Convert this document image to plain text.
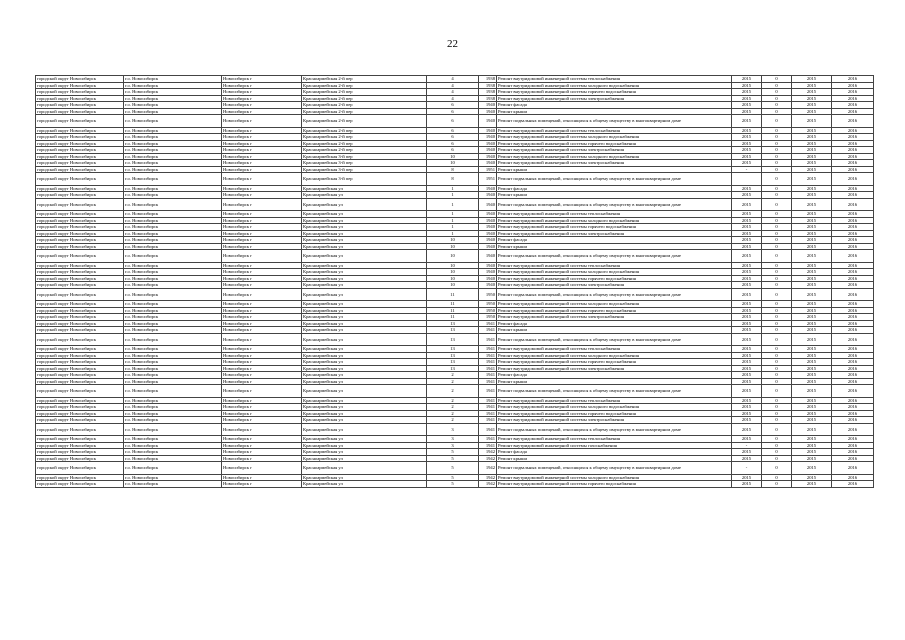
22
городской округ Новосибирск	г.о. Новосибирск	Новосибирск г	Красноармейская 2-й пер	4	1938	Ремонт внутридомовой инженерной системы теплоснабжения	2015	0	2015	2016
городской округ Новосибирск	г.о. Новосибирск	Новосибирск г	Красноармейская 2-й пер	4	1938	Ремонт внутридомовой инженерной системы холодного водоснабжения	2015	0	2015	2016
городской округ Новосибирск	г.о. Новосибирск	Новосибирск г	Красноармейская 2-й пер	4	1938	Ремонт внутридомовой инженерной системы горячего водоснабжения	2015	0	2015	2016
городской округ Новосибирск	г.о. Новосибирск	Новосибирск г	Красноармейская 2-й пер	4	1938	Ремонт внутридомовой инженерной системы электроснабжения	2015	0	2015	2016
городской округ Новосибирск	г.о. Новосибирск	Новосибирск г	Красноармейская 2-й пер	6	1940	Ремонт фасада	2015	0	2015	2016
городской округ Новосибирск	г.о. Новосибирск	Новосибирск г	Красноармейская 2-й пер	6	1940	Ремонт крыши	2015	0	2015	2016
городской округ Новосибирск	г.о. Новосибирск	Новосибирск г	Красноармейская 2-й пер	6	1940	Ремонт подвальных помещений, относящихся к общему имуществу в многоквартирном доме	2015	0	2015	2016
городской округ Новосибирск	г.о. Новосибирск	Новосибирск г	Красноармейская 2-й пер	6	1940	Ремонт внутридомовой инженерной системы теплоснабжения	2015	0	2015	2016
городской округ Новосибирск	г.о. Новосибирск	Новосибирск г	Красноармейская 2-й пер	6	1940	Ремонт внутридомовой инженерной системы холодного водоснабжения	2015	0	2015	2016
городской округ Новосибирск	г.о. Новосибирск	Новосибирск г	Красноармейская 2-й пер	6	1940	Ремонт внутридомовой инженерной системы горячего водоснабжения	2015	0	2015	2016
городской округ Новосибирск	г.о. Новосибирск	Новосибирск г	Красноармейская 2-й пер	6	1940	Ремонт внутридомовой инженерной системы электроснабжения	2015	0	2015	2016
городской округ Новосибирск	г.о. Новосибирск	Новосибирск г	Красноармейская 3-й пер	10	1940	Ремонт внутридомовой инженерной системы холодного водоснабжения	2015	0	2015	2016
городской округ Новосибирск	г.о. Новосибирск	Новосибирск г	Красноармейская 3-й пер	10	1940	Ремонт внутридомовой инженерной системы электроснабжения	2015	0	2015	2016
городской округ Новосибирск	г.о. Новосибирск	Новосибирск г	Красноармейская 3-й пер	8	1951	Ремонт крыши	-	0	2015	2016
городской округ Новосибирск	г.о. Новосибирск	Новосибирск г	Красноармейская 3-й пер	8	1951	Ремонт подвальных помещений, относящихся к общему имуществу в многоквартирном доме		0	2015	2016
городской округ Новосибирск	г.о. Новосибирск	Новосибирск г	Красноармейская ул	1	1940	Ремонт фасада	2015	0	2015	2016
городской округ Новосибирск	г.о. Новосибирск	Новосибирск г	Красноармейская ул	1	1940	Ремонт крыши	2015	0	2015	2016
городской округ Новосибирск	г.о. Новосибирск	Новосибирск г	Красноармейская ул	1	1940	Ремонт подвальных помещений, относящихся к общему имуществу в многоквартирном доме	2015	0	2015	2016
городской округ Новосибирск	г.о. Новосибирск	Новосибирск г	Красноармейская ул	1	1940	Ремонт внутридомовой инженерной системы теплоснабжения	2015	0	2015	2016
городской округ Новосибирск	г.о. Новосибирск	Новосибирск г	Красноармейская ул	1	1940	Ремонт внутридомовой инженерной системы холодного водоснабжения	2015	0	2015	2016
городской округ Новосибирск	г.о. Новосибирск	Новосибирск г	Красноармейская ул	1	1940	Ремонт внутридомовой инженерной системы горячего водоснабжения	2015	0	2015	2016
городской округ Новосибирск	г.о. Новосибирск	Новосибирск г	Красноармейская ул	1	1940	Ремонт внутридомовой инженерной системы электроснабжения	2015	0	2015	2016
городской округ Новосибирск	г.о. Новосибирск	Новосибирск г	Красноармейская ул	10	1940	Ремонт фасада	2015	0	2015	2016
городской округ Новосибирск	г.о. Новосибирск	Новосибирск г	Красноармейская ул	10	1940	Ремонт крыши	2015	0	2015	2016
городской округ Новосибирск	г.о. Новосибирск	Новосибирск г	Красноармейская ул	10	1940	Ремонт подвальных помещений, относящихся к общему имуществу в многоквартирном доме	2015	0	2015	2016
городской округ Новосибирск	г.о. Новосибирск	Новосибирск г	Красноармейская ул	10	1940	Ремонт внутридомовой инженерной системы теплоснабжения	2015	0	2015	2016
городской округ Новосибирск	г.о. Новосибирск	Новосибирск г	Красноармейская ул	10	1940	Ремонт внутридомовой инженерной системы холодного водоснабжения	2015	0	2015	2016
городской округ Новосибирск	г.о. Новосибирск	Новосибирск г	Красноармейская ул	10	1940	Ремонт внутридомовой инженерной системы горячего водоснабжения	2015	0	2015	2016
городской округ Новосибирск	г.о. Новосибирск	Новосибирск г	Красноармейская ул	10	1940	Ремонт внутридомовой инженерной системы электроснабжения	2015	0	2015	2016
городской округ Новосибирск	г.о. Новосибирск	Новосибирск г	Красноармейская ул	11	1950	Ремонт подвальных помещений, относящихся к общему имуществу в многоквартирном доме	2015	0	2015	2016
городской округ Новосибирск	г.о. Новосибирск	Новосибирск г	Красноармейская ул	11	1950	Ремонт внутридомовой инженерной системы холодного водоснабжения	2015	0	2015	2016
городской округ Новосибирск	г.о. Новосибирск	Новосибирск г	Красноармейская ул	11	1950	Ремонт внутридомовой инженерной системы горячего водоснабжения	2015	0	2015	2016
городской округ Новосибирск	г.о. Новосибирск	Новосибирск г	Красноармейская ул	11	1950	Ремонт внутридомовой инженерной системы электроснабжения	2015	0	2015	2016
городской округ Новосибирск	г.о. Новосибирск	Новосибирск г	Красноармейская ул	13	1941	Ремонт фасада	2015	0	2015	2016
городской округ Новосибирск	г.о. Новосибирск	Новосибирск г	Красноармейская ул	13	1941	Ремонт крыши	2015	0	2015	2016
городской округ Новосибирск	г.о. Новосибирск	Новосибирск г	Красноармейская ул	13	1941	Ремонт подвальных помещений, относящихся к общему имуществу в многоквартирном доме	2015	0	2015	2016
городской округ Новосибирск	г.о. Новосибирск	Новосибирск г	Красноармейская ул	13	1941	Ремонт внутридомовой инженерной системы теплоснабжения	2015	0	2015	2016
городской округ Новосибирск	г.о. Новосибирск	Новосибирск г	Красноармейская ул	13	1941	Ремонт внутридомовой инженерной системы холодного водоснабжения	2015	0	2015	2016
городской округ Новосибирск	г.о. Новосибирск	Новосибирск г	Красноармейская ул	13	1941	Ремонт внутридомовой инженерной системы горячего водоснабжения	2015	0	2015	2016
городской округ Новосибирск	г.о. Новосибирск	Новосибирск г	Красноармейская ул	13	1941	Ремонт внутридомовой инженерной системы электроснабжения	2015	0	2015	2016
городской округ Новосибирск	г.о. Новосибирск	Новосибирск г	Красноармейская ул	2	1941	Ремонт фасада	2015	0	2015	2016
городской округ Новосибирск	г.о. Новосибирск	Новосибирск г	Красноармейская ул	2	1941	Ремонт крыши	2015	0	2015	2016
городской округ Новосибирск	г.о. Новосибирск	Новосибирск г	Красноармейская ул	2	1941	Ремонт подвальных помещений, относящихся к общему имуществу в многоквартирном доме	2015	0	2015	2016
городской округ Новосибирск	г.о. Новосибирск	Новосибирск г	Красноармейская ул	2	1941	Ремонт внутридомовой инженерной системы теплоснабжения	2015	0	2015	2016
городской округ Новосибирск	г.о. Новосибирск	Новосибирск г	Красноармейская ул	2	1941	Ремонт внутридомовой инженерной системы холодного водоснабжения	2015	0	2015	2016
городской округ Новосибирск	г.о. Новосибирск	Новосибирск г	Красноармейская ул	2	1941	Ремонт внутридомовой инженерной системы горячего водоснабжения	2015	0	2015	2016
городской округ Новосибирск	г.о. Новосибирск	Новосибирск г	Красноармейская ул	2	1941	Ремонт внутридомовой инженерной системы электроснабжения	2015	0	2015	2016
городской округ Новосибирск	г.о. Новосибирск	Новосибирск г	Красноармейская ул	3	1941	Ремонт подвальных помещений, относящихся к общему имуществу в многоквартирном доме	2015	0	2015	2016
городской округ Новосибирск	г.о. Новосибирск	Новосибирск г	Красноармейская ул	3	1941	Ремонт внутридомовой инженерной системы теплоснабжения	2015	0	2015	2016
городской округ Новосибирск	г.о. Новосибирск	Новосибирск г	Красноармейская ул	3	1941	Ремонт внутридомовой инженерной системы газоснабжения	-	0	2015	2016
городской округ Новосибирск	г.о. Новосибирск	Новосибирск г	Красноармейская ул	5	1942	Ремонт фасада	2015	0	2015	2016
городской округ Новосибирск	г.о. Новосибирск	Новосибирск г	Красноармейская ул	5	1942	Ремонт крыши	2015	0	2015	2016
городской округ Новосибирск	г.о. Новосибирск	Новосибирск г	Красноармейская ул	5	1942	Ремонт подвальных помещений, относящихся к общему имуществу в многоквартирном доме	-	0	2015	2016
городской округ Новосибирск	г.о. Новосибирск	Новосибирск г	Красноармейская ул	5	1942	Ремонт внутридомовой инженерной системы холодного водоснабжения	2015	0	2015	2016
городской округ Новосибирск	г.о. Новосибирск	Новосибирск г	Красноармейская ул	5	1942	Ремонт внутридомовой инженерной системы горячего водоснабжения	2015	0	2015	2016
